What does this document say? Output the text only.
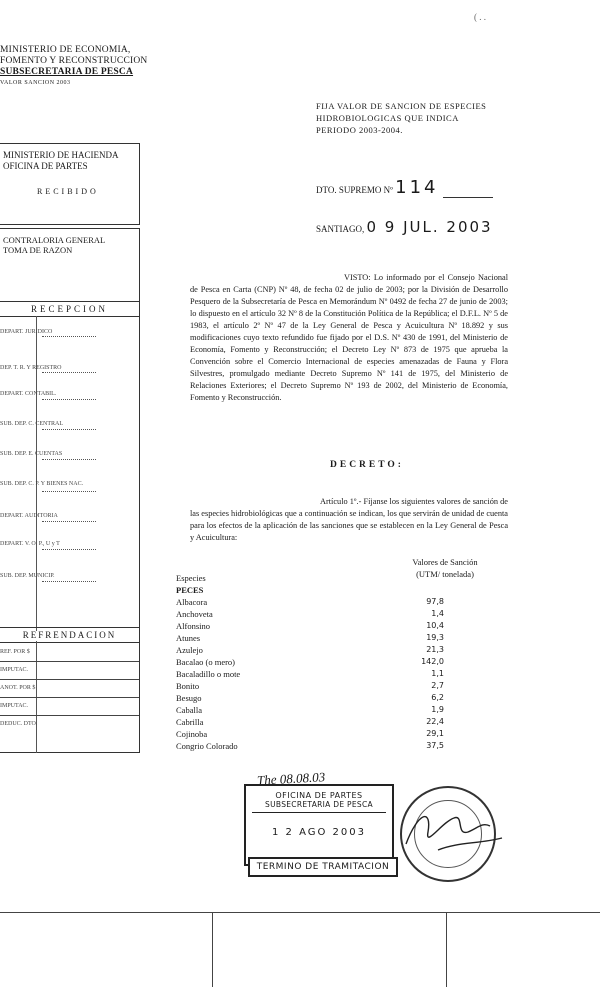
( . .
MINISTERIO DE ECONOMIA,
FOMENTO Y RECONSTRUCCION
SUBSECRETARIA DE PESCA
VALOR SANCION 2003
MINISTERIO DE HACIENDA
OFICINA DE PARTES
RECIBIDO
CONTRALORIA GENERAL
TOMA DE RAZON
RECEPCION
DEPART. JURIDICO
DEP. T. R. Y REGISTRO
DEPART. CONTABIL.
SUB. DEP. C. CENTRAL
SUB. DEP. E. CUENTAS
SUB. DEP. C. P. Y BIENES NAC.
DEPART. AUDITORIA
DEPART. V. O. P., U y T
SUB. DEP. MUNICIP.
REFRENDACION
REF. POR $
IMPUTAC.
ANOT. POR $
IMPUTAC.
DEDUC. DTO.
FIJA VALOR DE SANCION DE ESPECIES HIDROBIOLOGICAS QUE INDICA PERIODO 2003-2004.
DTO. SUPREMO Nº 114
SANTIAGO, 0 9 JUL. 2003
VISTO: Lo informado por el Consejo Nacional de Pesca en Carta (CNP) Nº 48, de fecha 02 de julio de 2003; por la División de Desarrollo Pesquero de la Subsecretaría de Pesca en Memorándum Nº 0492 de fecha 27 de junio de 2003; lo dispuesto en el artículo 32 Nº 8 de la Constitución Política de la República; el D.F.L. Nº 5 de 1983, el artículo 2º Nº 47 de la Ley General de Pesca y Acuicultura Nº 18.892 y sus modificaciones cuyo texto refundido fue fijado por el D.S. Nº 430 de 1991, del Ministerio de Economía, Fomento y Reconstrucción; el Decreto Ley Nº 873 de 1975 que aprueba la Convención sobre el Comercio Internacional de especies amenazadas de Fauna y Flora Silvestres, promulgado mediante Decreto Supremo Nº 141 de 1975, del Ministerio de Relaciones Exteriores; el Decreto Supremo Nº 193 de 2002, del Ministerio de Economía, Fomento y Reconstrucción.
DECRETO:
Artículo 1º.- Fíjanse los siguientes valores de sanción de las especies hidrobiológicas que a continuación se indican, los que servirán de unidad de cuenta para los efectos de la aplicación de las sanciones que se establecen en la Ley General de Pesca y Acuicultura:
Valores de Sanción
(UTM/ tonelada)
Especies
PECES
Albacora	97,8
Anchoveta	1,4
Alfonsino	10,4
Atunes	19,3
Azulejo	21,3
Bacalao (o mero)	142,0
Bacaladillo o mote	1,1
Bonito	2,7
Besugo	6,2
Caballa	1,9
Cabrilla	22,4
Cojinoba	29,1
Congrio Colorado	37,5
The 08.08.03
OFICINA DE PARTES
SUBSECRETARIA DE PESCA
1 2 AGO 2003
TERMINO DE TRAMITACION
